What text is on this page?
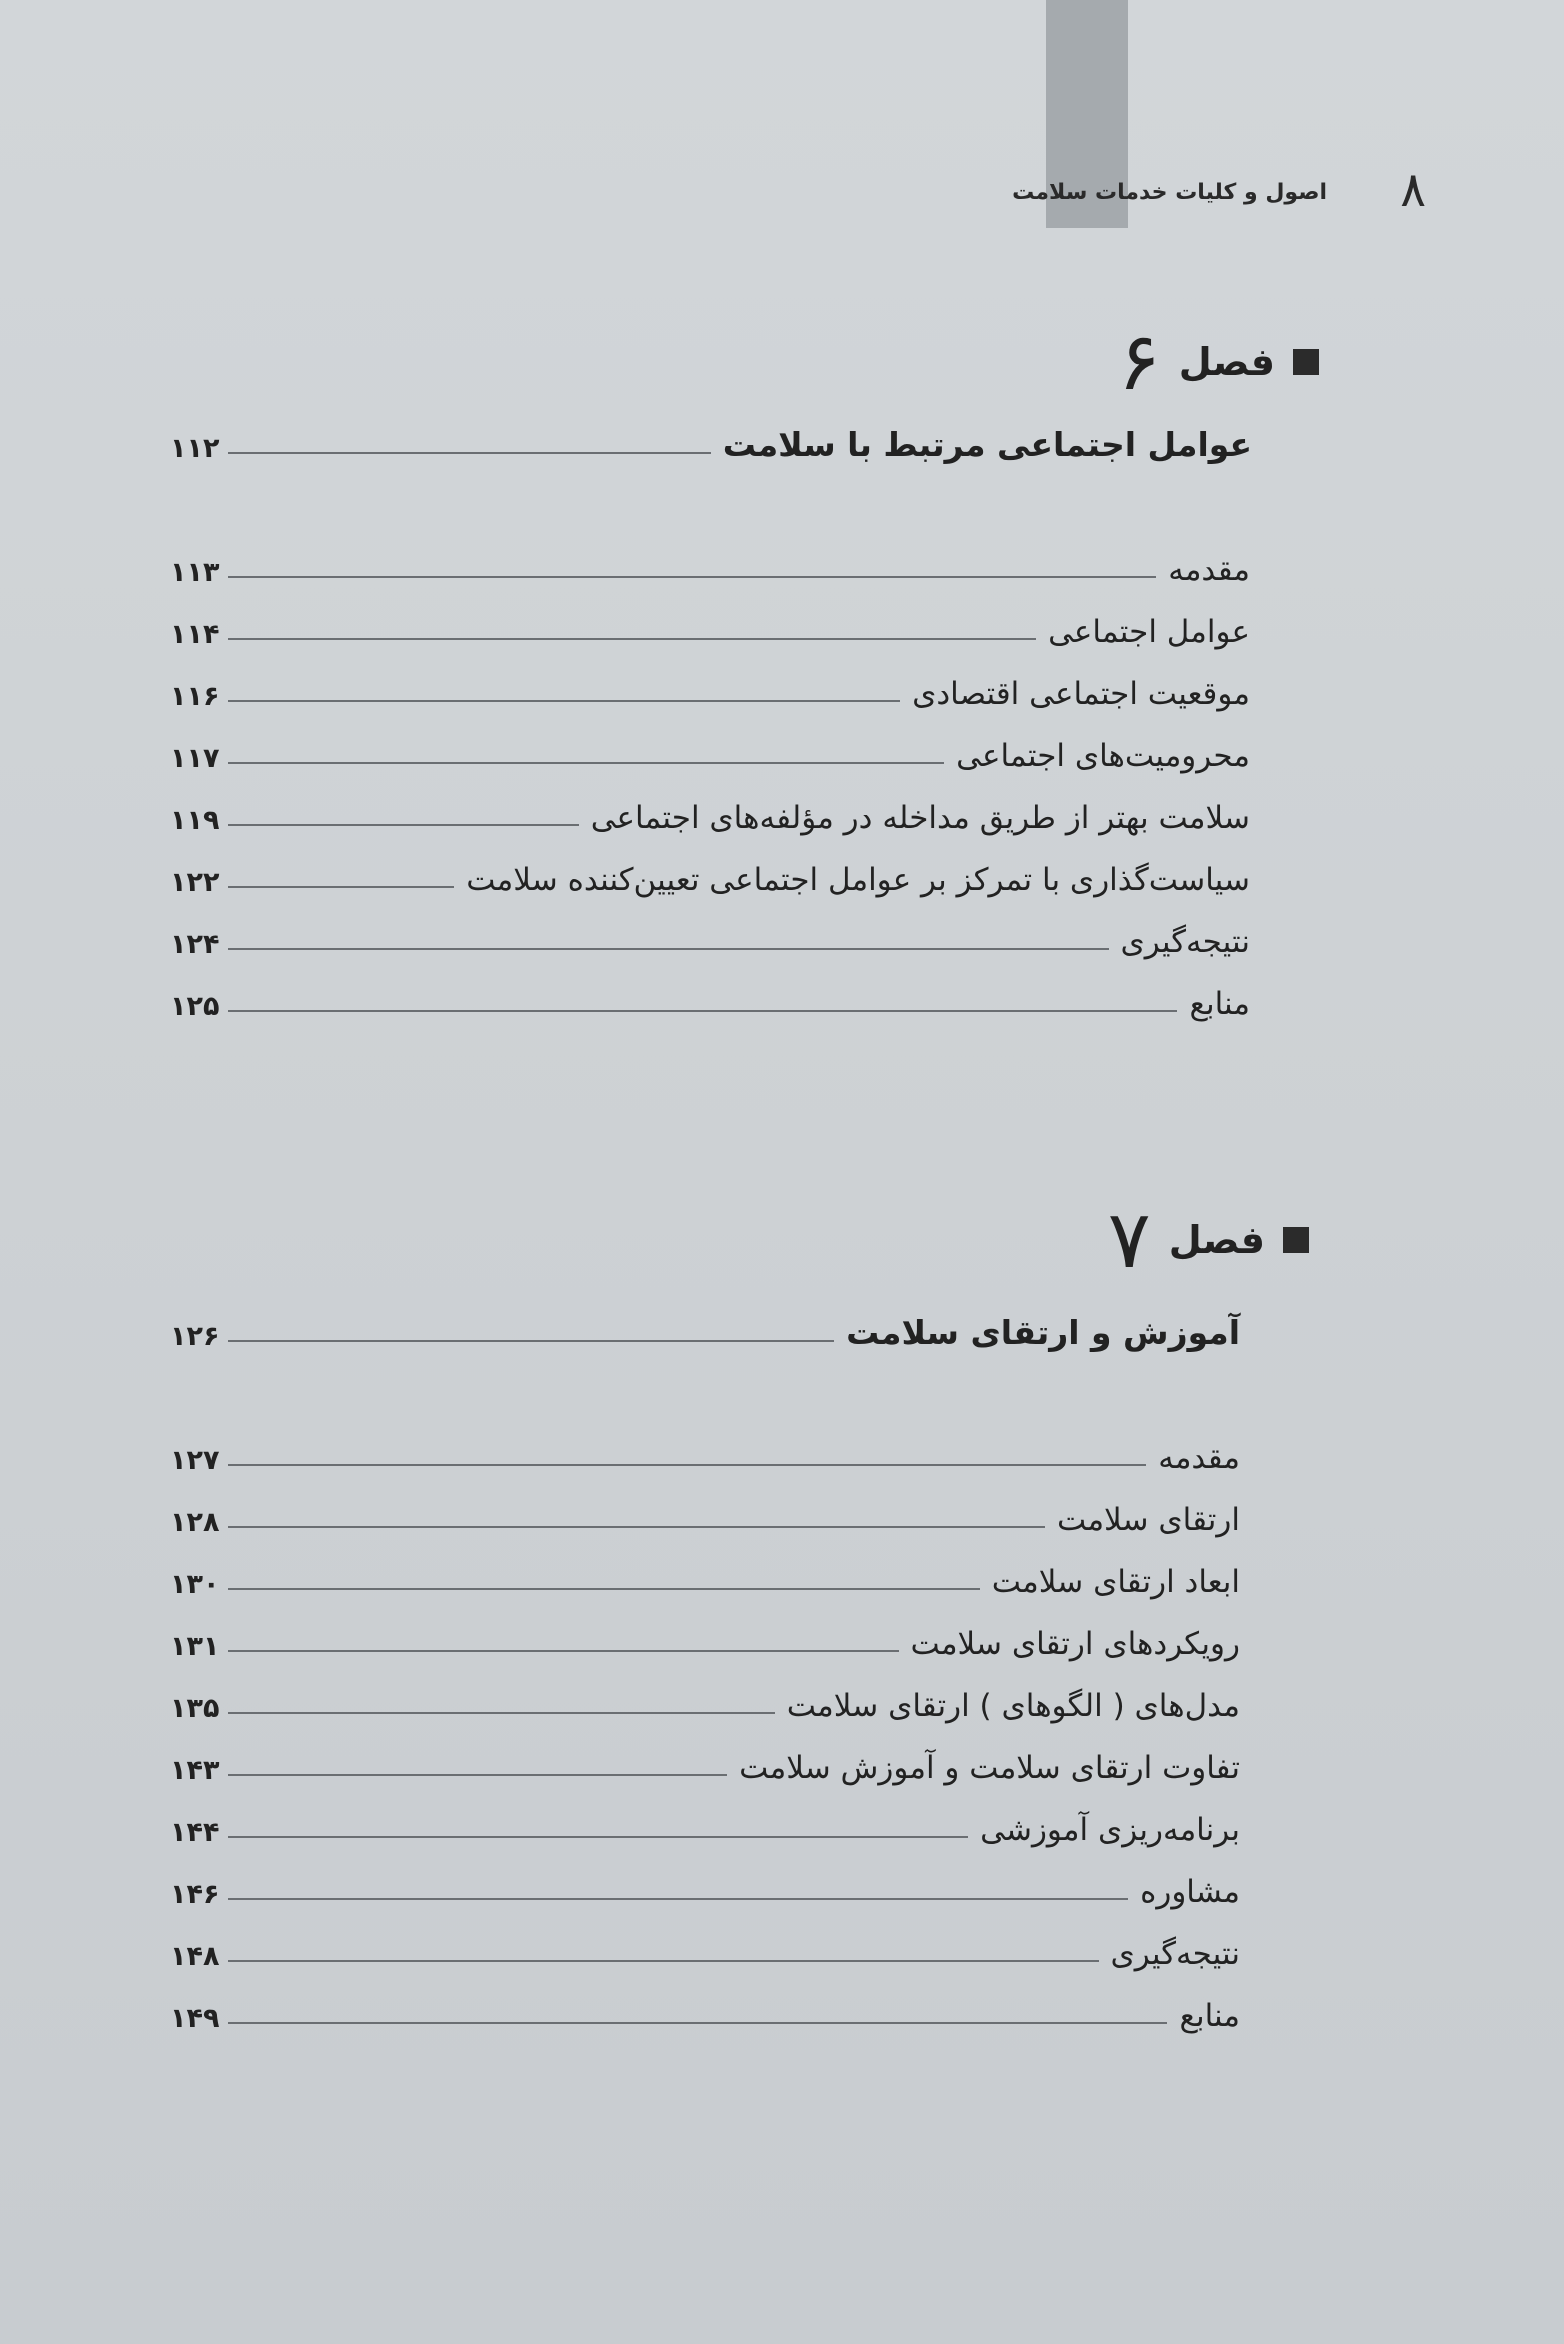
اصول و کلیات خدمات سلامت ۸
فصل
۶
عوامل اجتماعی مرتبط با سلامت
۱۱۲
مقدمه
۱۱۳
عوامل اجتماعی
۱۱۴
موقعیت اجتماعی اقتصادی
۱۱۶
محرومیت‌های اجتماعی
۱۱۷
سلامت بهتر از طریق مداخله در مؤلفه‌های اجتماعی
۱۱۹
سیاست‌گذاری با تمرکز بر عوامل اجتماعی تعیین‌کننده سلامت
۱۲۲
نتیجه‌گیری
۱۲۴
منابع
۱۲۵
فصل
۷
آموزش و ارتقای سلامت
۱۲۶
مقدمه
۱۲۷
ارتقای سلامت
۱۲۸
ابعاد ارتقای سلامت
۱۳۰
رویکردهای ارتقای سلامت
۱۳۱
مدل‌های ( الگوهای ) ارتقای سلامت
۱۳۵
تفاوت ارتقای سلامت و آموزش سلامت
۱۴۳
برنامه‌ریزی آموزشی
۱۴۴
مشاوره
۱۴۶
نتیجه‌گیری
۱۴۸
منابع
۱۴۹
